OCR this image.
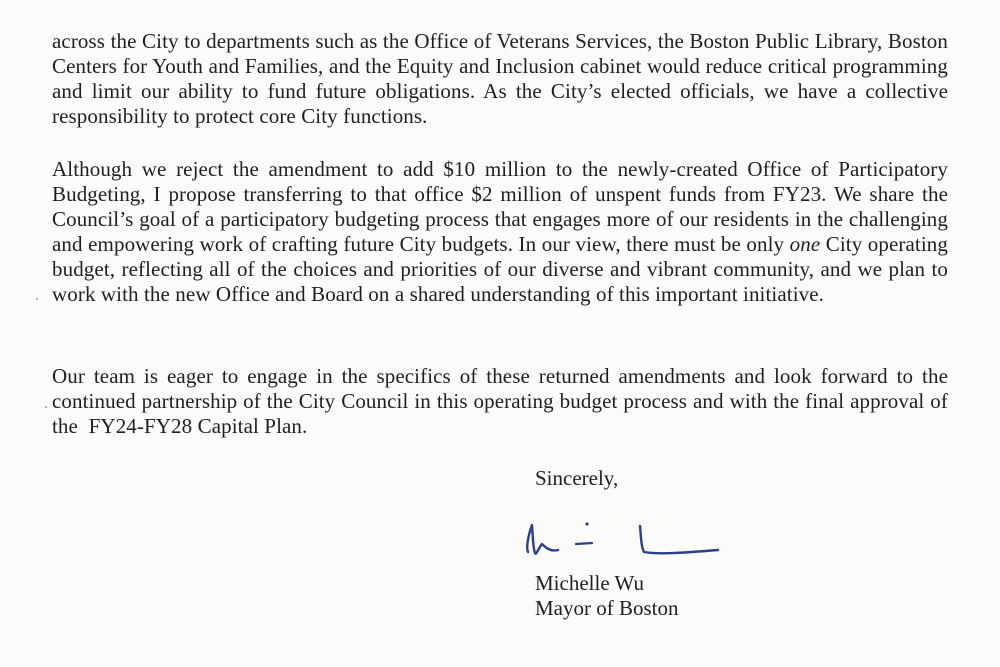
across the City to departments such as the Office of Veterans Services, the Boston Public Library, Boston Centers for Youth and Families, and the Equity and Inclusion cabinet would reduce critical programming and limit our ability to fund future obligations. As the City’s elected officials, we have a collective responsibility to protect core City functions.

Although we reject the amendment to add $10 million to the newly-created Office of Participatory Budgeting, I propose transferring to that office $2 million of unspent funds from FY23. We share the Council’s goal of a participatory budgeting process that engages more of our residents in the challenging and empowering work of crafting future City budgets. In our view, there must be only one City operating budget, reflecting all of the choices and priorities of our diverse and vibrant community, and we plan to work with the new Office and Board on a shared understanding of this important initiative.

Our team is eager to engage in the specifics of these returned amendments and look forward to the continued partnership of the City Council in this operating budget process and with the final approval of the  FY24-FY28 Capital Plan.

Sincerely,
Michelle Wu
Mayor of Boston
